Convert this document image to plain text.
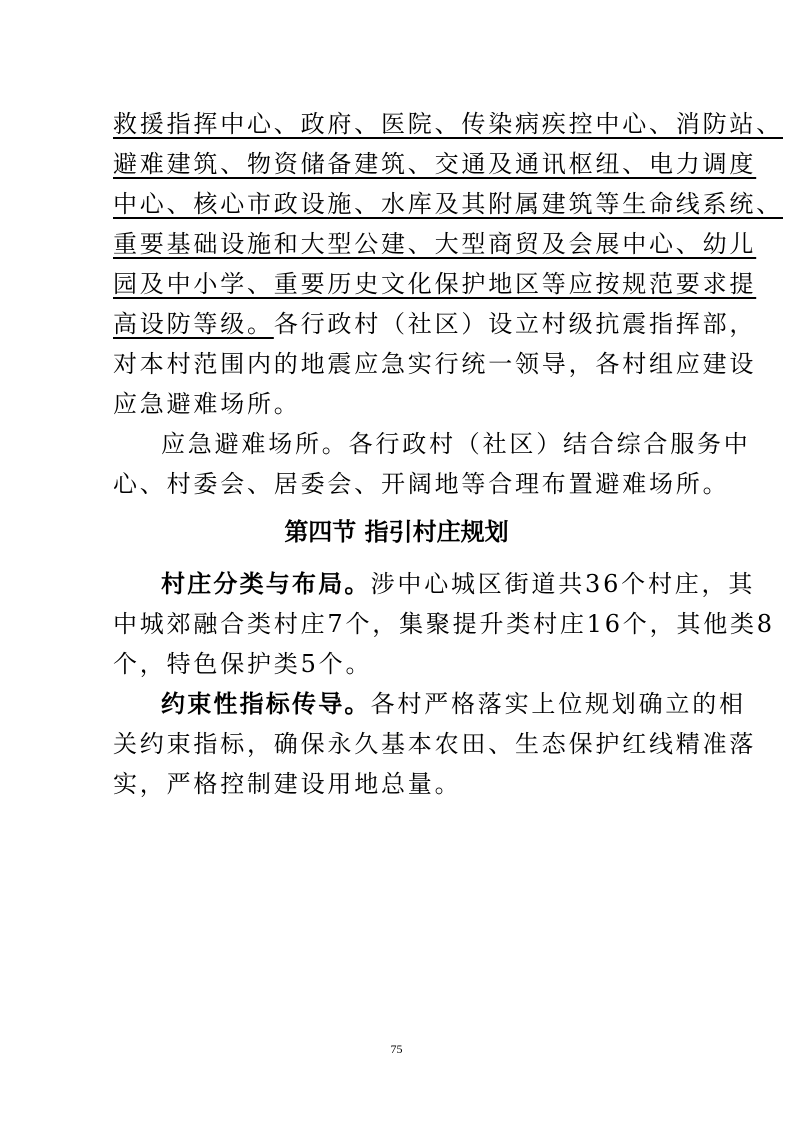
救援指挥中心、政府、医院、传染病疾控中心、消防站、
避难建筑、物资储备建筑、交通及通讯枢纽、电力调度
中心、核心市政设施、水库及其附属建筑等生命线系统、
重要基础设施和大型公建、大型商贸及会展中心、幼儿
园及中小学、重要历史文化保护地区等应按规范要求提
高设防等级。各行政村（社区）设立村级抗震指挥部，
对本村范围内的地震应急实行统一领导，各村组应建设
应急避难场所。
应急避难场所。各行政村（社区）结合综合服务中
心、村委会、居委会、开阔地等合理布置避难场所。
第四节 指引村庄规划
村庄分类与布局。涉中心城区街道共36个村庄，其
中城郊融合类村庄7个，集聚提升类村庄16个，其他类8
个，特色保护类5个。
约束性指标传导。各村严格落实上位规划确立的相
关约束指标，确保永久基本农田、生态保护红线精准落
实，严格控制建设用地总量。
75
